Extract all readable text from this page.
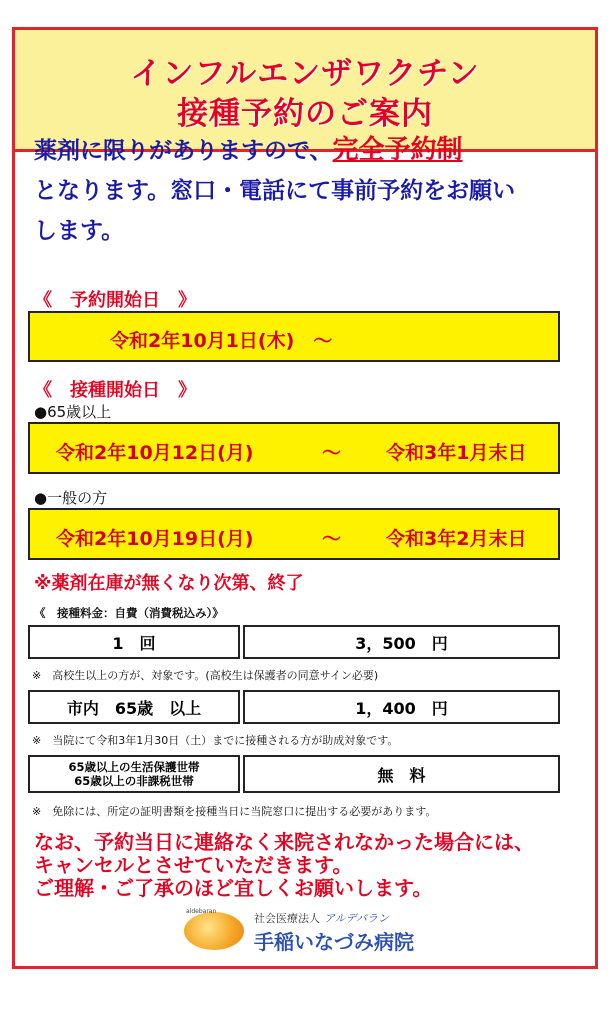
インフルエンザワクチン
接種予約のご案内
薬剤に限りがありますので、完全予約制
となります。窓口・電話にて事前予約をお願い
します。
《　予約開始日　》
令和2年10月1日(木)　～
《　接種開始日　》
●65歳以上
令和2年10月12日(月)	～ 令和3年1月末日
●一般の方
令和2年10月19日(月)	～ 令和3年2月末日
※薬剤在庫が無くなり次第、終了
《　接種料金：自費（消費税込み）》
1　回	3，500　円
※　高校生以上の方が、対象です。(高校生は保護者の同意サイン必要)
市内　65歳　以上	1，400　円
※　当院にて令和3年1月30日（土）までに接種される方が助成対象です。
65歳以上の生活保護世帯
65歳以上の非課税世帯	無　料
※　免除には、所定の証明書類を接種当日に当院窓口に提出する必要があります。
なお、予約当日に連絡なく来院されなかった場合には、
キャンセルとさせていただきます。
ご理解・ご了承のほど宜しくお願いします。
aldebaran
社会医療法人 アルデバラン
手稲いなづみ病院
